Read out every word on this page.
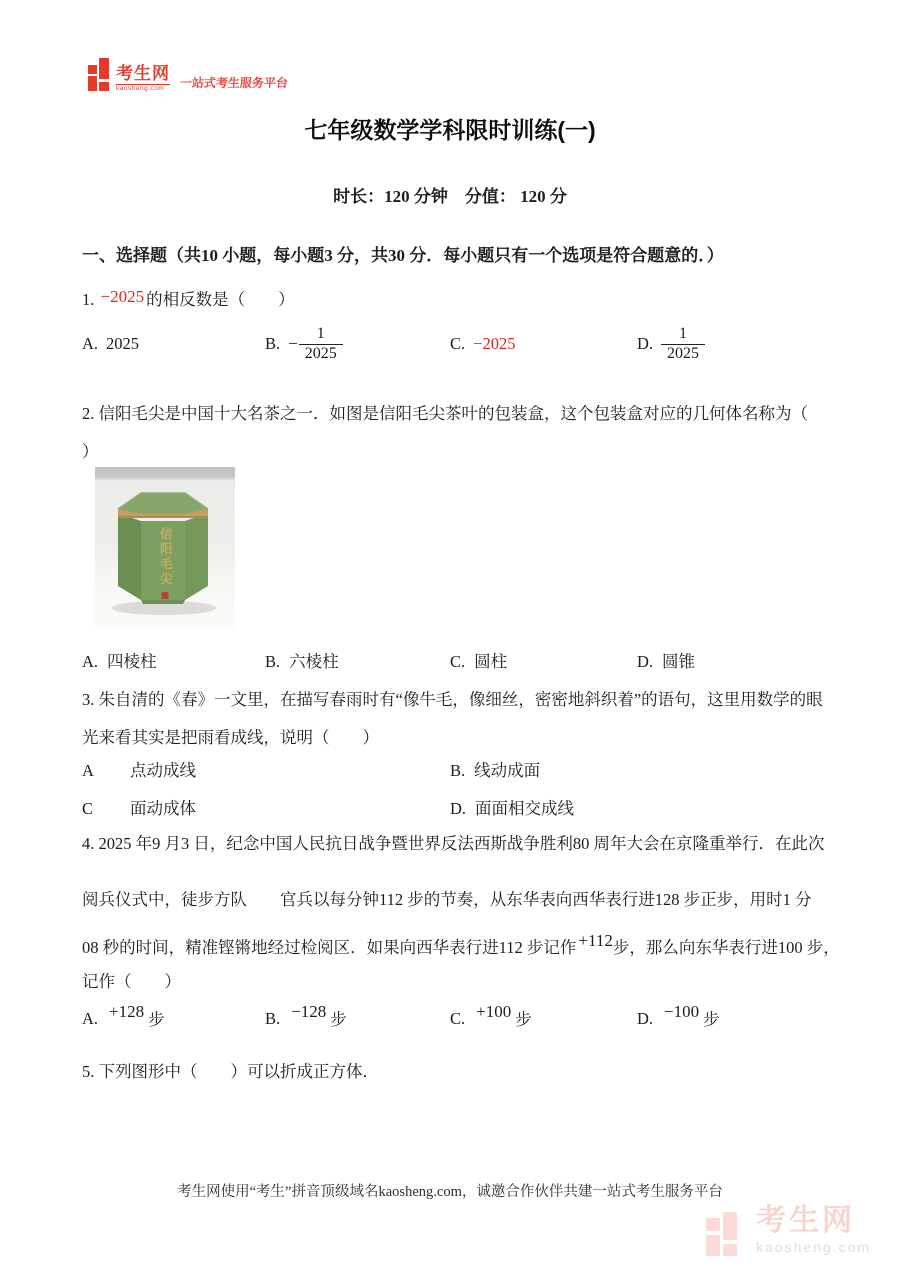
考生网
kaosheng.com	一站式考生服务平台
七年级数学学科限时训练(一)
时长：120 分钟　分值： 120 分
一、选择题（共10 小题，每小题3 分，共30 分．每小题只有一个选项是符合题意的．）
1. −2025 的相反数是（　　）
A. 2025	B. − $\frac{1}{2025}$	C. −2025	D. $\frac{1}{2025}$
2. 信阳毛尖是中国十大名茶之一．如图是信阳毛尖茶叶的包装盒，这个包装盒对应的几何体名称为（
）
信阳毛尖
A. 四棱柱	B. 六棱柱	C. 圆柱	D. 圆锥
3. 朱自清的《春》一文里，在描写春雨时有“像牛毛，像细丝，密密地斜织着”的语句，这里用数学的眼
光来看其实是把雨看成线，说明（　　）
A	点动成线	B. 线动成面
C	面动成体	D. 面面相交成线
4. 2025 年9 月3 日，纪念中国人民抗日战争暨世界反法西斯战争胜利80 周年大会在京隆重举行．在此次
阅兵仪式中，徒步方队　　官兵以每分钟112 步的节奏，从东华表向西华表行进128 步正步，用时1 分
08 秒的时间，精准铿锵地经过检阅区．如果向西华表行进112 步记作 +112步，那么向东华表行进100 步，
记作（　　）
A. +128 步	B. −128 步	C. +100 步	D. −100 步
5. 下列图形中（　　）可以折成正方体．
考生网使用“考生”拼音顶级域名kaosheng.com，诚邀合作伙伴共建一站式考生服务平台
考生网
kaosheng.com
